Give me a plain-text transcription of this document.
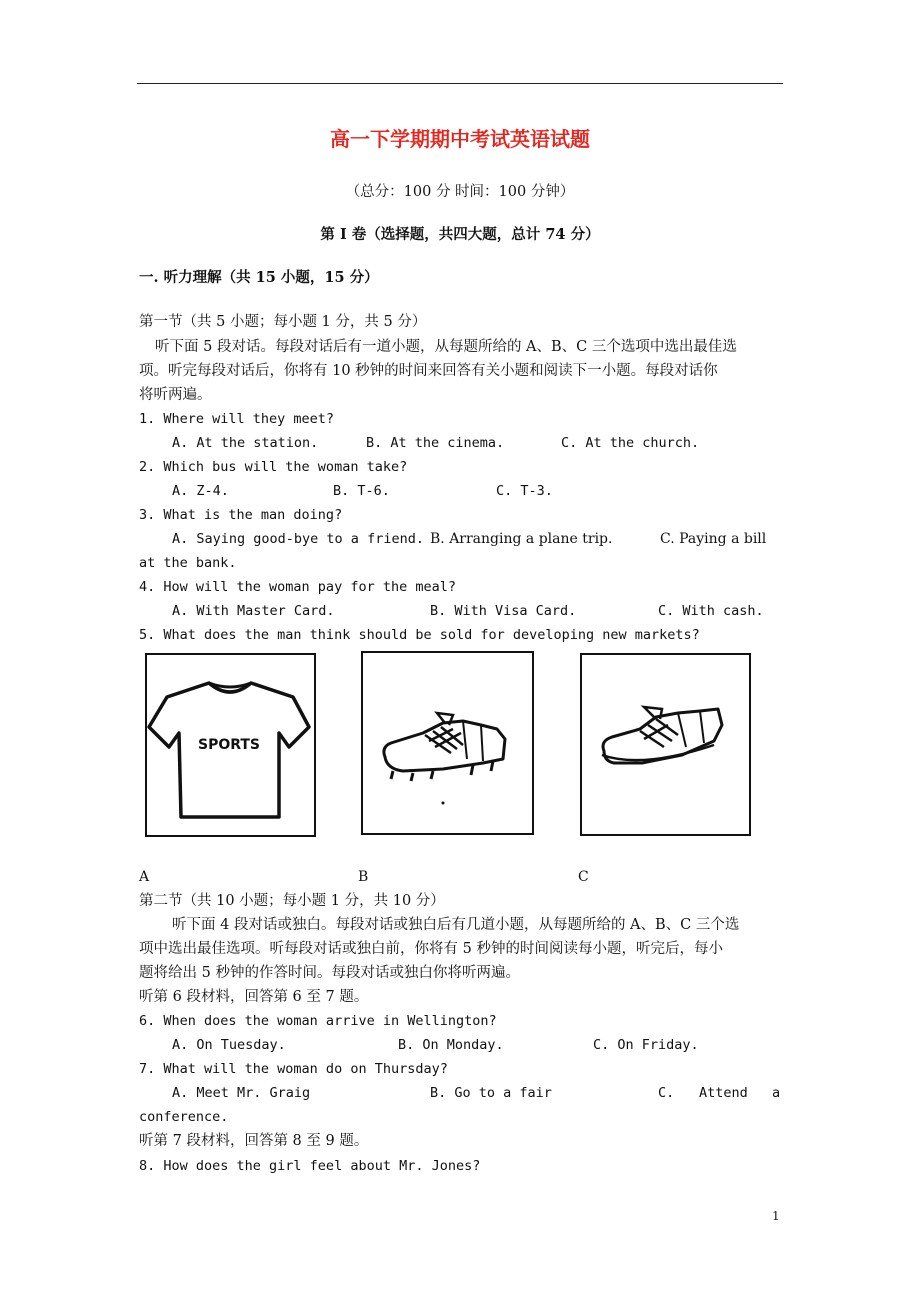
高一下学期期中考试英语试题
（总分：100 分 时间：100 分钟）
第 I 卷（选择题，共四大题，总计 74 分）
一. 听力理解（共 15 小题，15 分）
第一节（共 5 小题；每小题 1 分，共 5 分）
听下面 5 段对话。每段对话后有一道小题，从每题所给的 A、B、C 三个选项中选出最佳选
项。听完每段对话后，你将有 10 秒钟的时间来回答有关小题和阅读下一小题。每段对话你
将听两遍。
1. Where will they meet?
A. At the station.	B. At the cinema.	C. At the church.
2. Which bus will the woman take?
A. Z-4.	B. T-6.	C. T-3.
3. What is the man doing?
A. Saying good-bye to a friend. B. Arranging a plane trip.	C. Paying a bill
at the bank.
4. How will the woman pay for the meal?
A. With Master Card.	B. With Visa Card.	C. With cash.
5. What does the man think should be sold for developing new markets?
SPORTS
A	B	C
第二节（共 10 小题；每小题 1 分，共 10 分）
听下面 4 段对话或独白。每段对话或独白后有几道小题，从每题所给的 A、B、C 三个选
项中选出最佳选项。听每段对话或独白前，你将有 5 秒钟的时间阅读每小题，听完后，每小
题将给出 5 秒钟的作答时间。每段对话或独白你将听两遍。
听第 6 段材料，回答第 6 至 7 题。
6. When does the woman arrive in Wellington?
A. On Tuesday.	B. On Monday.	C. On Friday.
7. What will the woman do on Thursday?
A. Meet Mr. Graig	B. Go to a fair	C. Attend a
conference.
听第 7 段材料，回答第 8 至 9 题。
8. How does the girl feel about Mr. Jones?
1
